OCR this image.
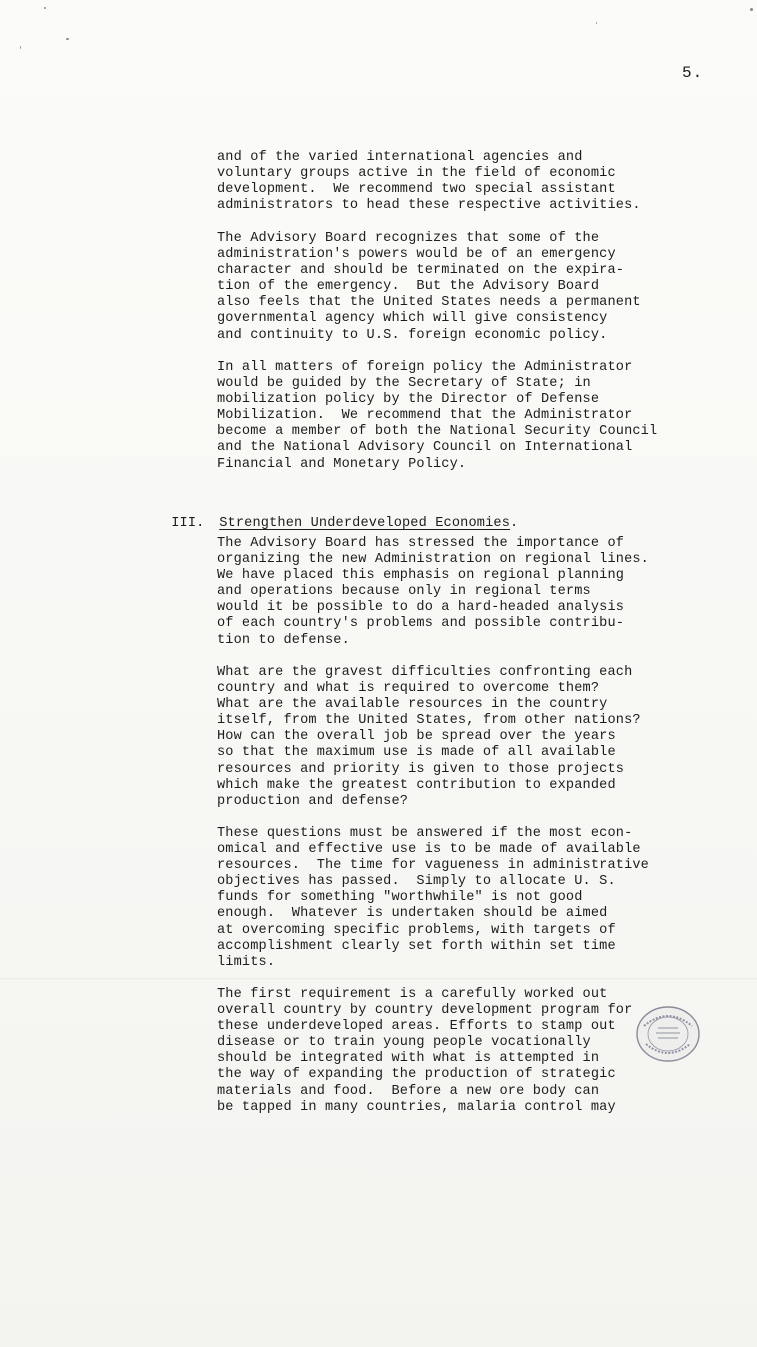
5.

and of the varied international agencies and
voluntary groups active in the field of economic
development.  We recommend two special assistant
administrators to head these respective activities.

The Advisory Board recognizes that some of the
administration's powers would be of an emergency
character and should be terminated on the expira-
tion of the emergency.  But the Advisory Board
also feels that the United States needs a permanent
governmental agency which will give consistency
and continuity to U.S. foreign economic policy.

In all matters of foreign policy the Administrator
would be guided by the Secretary of State; in
mobilization policy by the Director of Defense
Mobilization.  We recommend that the Administrator
become a member of both the National Security Council
and the National Advisory Council on International
Financial and Monetary Policy.

III. Strengthen Underdeveloped Economies.

The Advisory Board has stressed the importance of
organizing the new Administration on regional lines.
We have placed this emphasis on regional planning
and operations because only in regional terms
would it be possible to do a hard-headed analysis
of each country's problems and possible contribu-
tion to defense.

What are the gravest difficulties confronting each
country and what is required to overcome them?
What are the available resources in the country
itself, from the United States, from other nations?
How can the overall job be spread over the years
so that the maximum use is made of all available
resources and priority is given to those projects
which make the greatest contribution to expanded
production and defense?

These questions must be answered if the most econ-
omical and effective use is to be made of available
resources.  The time for vagueness in administrative
objectives has passed.  Simply to allocate U. S.
funds for something "worthwhile" is not good
enough.  Whatever is undertaken should be aimed
at overcoming specific problems, with targets of
accomplishment clearly set forth within set time
limits.

The first requirement is a carefully worked out
overall country by country development program for
these underdeveloped areas. Efforts to stamp out
disease or to train young people vocationally
should be integrated with what is attempted in
the way of expanding the production of strategic
materials and food.  Before a new ore body can
be tapped in many countries, malaria control may
